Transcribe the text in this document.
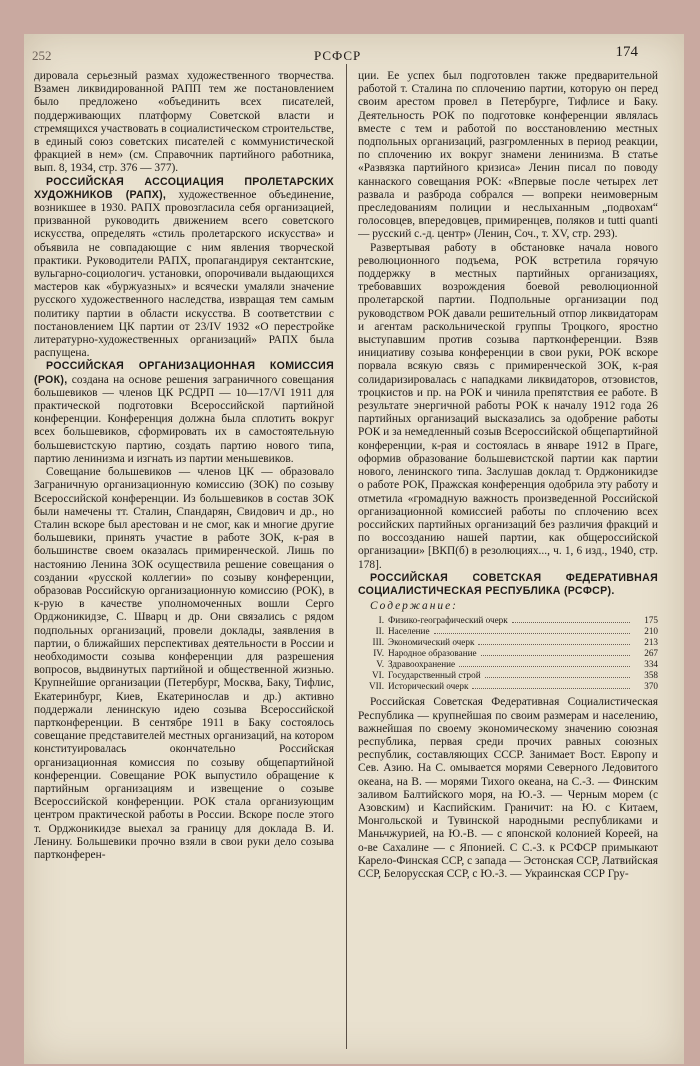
252	РСФСР	174

дировала серьезный размах художественного творчества. Взамен ликвидированной РАПП тем же постановлением было предложено «объединить всех писателей, поддерживающих платформу Советской власти и стремящихся участвовать в социалистическом строительстве, в единый союз советских писателей с коммунистической фракцией в нем» (см. Справочник партийного работника, вып. 8, 1934, стр. 376 — 377).

РОССИЙСКАЯ АССОЦИАЦИЯ ПРОЛЕТАРСКИХ ХУДОЖНИКОВ (РАПХ), художественное объединение, возникшее в 1930. РАПХ провозгласила себя организацией, призванной руководить движением всего советского искусства, определять «стиль пролетарского искусства» и объявила не совпадающие с ним явления творческой практики. Руководители РАПХ, пропагандируя сектантские, вульгарно-социологич. установки, опорочивали выдающихся мастеров как «буржуазных» и всячески умаляли значение русского художественного наследства, извращая тем самым политику партии в области искусства. В соответствии с постановлением ЦК партии от 23/IV 1932 «О перестройке литературно-художественных организаций» РАПХ была распущена.

РОССИЙСКАЯ ОРГАНИЗАЦИОННАЯ КОМИССИЯ (РОК), создана на основе решения заграничного совещания большевиков — членов ЦК РСДРП — 10—17/VI 1911 для практической подготовки Всероссийской партийной конференции. Конференция должна была сплотить вокруг всех большевиков, сформировать их в самостоятельную большевистскую партию, создать партию нового типа, партию ленинизма и изгнать из партии меньшевиков.

Совещание большевиков — членов ЦК — образовало Заграничную организационную комиссию (ЗОК) по созыву Всероссийской конференции. Из большевиков в состав ЗОК были намечены тт. Сталин, Спандарян, Свидович и др., но Сталин вскоре был арестован и не смог, как и многие другие большевики, принять участие в работе ЗОК, к-рая в большинстве своем оказалась примиренческой. Лишь по настоянию Ленина ЗОК осуществила решение совещания о создании «русской коллегии» по созыву конференции, образовав Российскую организационную комиссию (РОК), в к-рую в качестве уполномоченных вошли Серго Орджоникидзе, С. Шварц и др. Они связались с рядом подпольных организаций, провели доклады, заявления в партии, о ближайших перспективах деятельности в России и необходимости созыва конференции для разрешения вопросов, выдвинутых партийной и общественной жизнью. Крупнейшие организации (Петербург, Москва, Баку, Тифлис, Екатеринбург, Киев, Екатеринослав и др.) активно поддержали ленинскую идею созыва Всероссийской партконференции. В сентябре 1911 в Баку состоялось совещание представителей местных организаций, на котором конституировалась окончательно Российская организационная комиссия по созыву общепартийной конференции. Совещание РОК выпустило обращение к партийным организациям и извещение о созыве Всероссийской конференции. РОК стала организующим центром практической работы в России. Вскоре после этого т. Орджоникидзе выехал за границу для доклада В. И. Ленину. Большевики прочно взяли в свои руки дело созыва партконферен-

ции. Ее успех был подготовлен также предварительной работой т. Сталина по сплочению партии, которую он перед своим арестом провел в Петербурге, Тифлисе и Баку. Деятельность РОК по подготовке конференции являлась вместе с тем и работой по восстановлению местных подпольных организаций, разгромленных в период реакции, по сплочению их вокруг знамени ленинизма. В статье «Развязка партийного кризиса» Ленин писал по поводу каннаского совещания РОК: «Впервые после четырех лет развала и разброда собрался — вопреки неимоверным преследованиям полиции и неслыханным „подвохам“ голосовцев, впередовцев, примиренцев, поляков и tutti quanti — русский с.-д. центр» (Ленин, Соч., т. XV, стр. 293).

Развертывая работу в обстановке начала нового революционного подъема, РОК встретила горячую поддержку в местных партийных организациях, требовавших возрождения боевой революционной пролетарской партии. Подпольные организации под руководством РОК давали решительный отпор ликвидаторам и агентам раскольнической группы Троцкого, яростно выступавшим против созыва партконференции. Взяв инициативу созыва конференции в свои руки, РОК вскоре порвала всякую связь с примиренческой ЗОК, к-рая солидаризировалась с нападками ликвидаторов, отзовистов, троцкистов и пр. на РОК и чинила препятствия ее работе. В результате энергичной работы РОК к началу 1912 года 26 партийных организаций высказались за одобрение работы РОК и за немедленный созыв Всероссийской общепартийной конференции, к-рая и состоялась в январе 1912 в Праге, оформив образование большевистской партии как партии нового, ленинского типа. Заслушав доклад т. Орджоникидзе о работе РОК, Пражская конференция одобрила эту работу и отметила «громадную важность произведенной Российской организационной комиссией работы по сплочению всех российских партийных организаций без различия фракций и по воссозданию нашей партии, как общероссийской организации» [ВКП(б) в резолюциях..., ч. 1, 6 изд., 1940, стр. 178].

РОССИЙСКАЯ СОВЕТСКАЯ ФЕДЕРАТИВНАЯ СОЦИАЛИСТИЧЕСКАЯ РЕСПУБЛИКА (РСФСР).

Содержание:
I. Физико-географический очерк	175
II. Население	210
III. Экономический очерк	213
IV. Народное образование	267
V. Здравоохранение	334
VI. Государственный строй	358
VII. Исторический очерк	370

Российская Советская Федеративная Социалистическая Республика — крупнейшая по своим размерам и населению, важнейшая по своему экономическому значению союзная республика, первая среди прочих равных союзных республик, составляющих СССР. Занимает Вост. Европу и Сев. Азию. На С. омывается морями Северного Ледовитого океана, на В. — морями Тихого океана, на С.-З. — Финским заливом Балтийского моря, на Ю.-З. — Черным морем (с Азовским) и Каспийским. Граничит: на Ю. с Китаем, Монгольской и Тувинской народными республиками и Маньчжурией, на Ю.-В. — с японской колонией Кореей, на о-ве Сахалине — с Японией. С С.-З. к РСФСР примыкают Карело-Финская ССР, с запада — Эстонская ССР, Латвийская ССР, Белорусская ССР, с Ю.-З. — Украинская ССР Гру-
